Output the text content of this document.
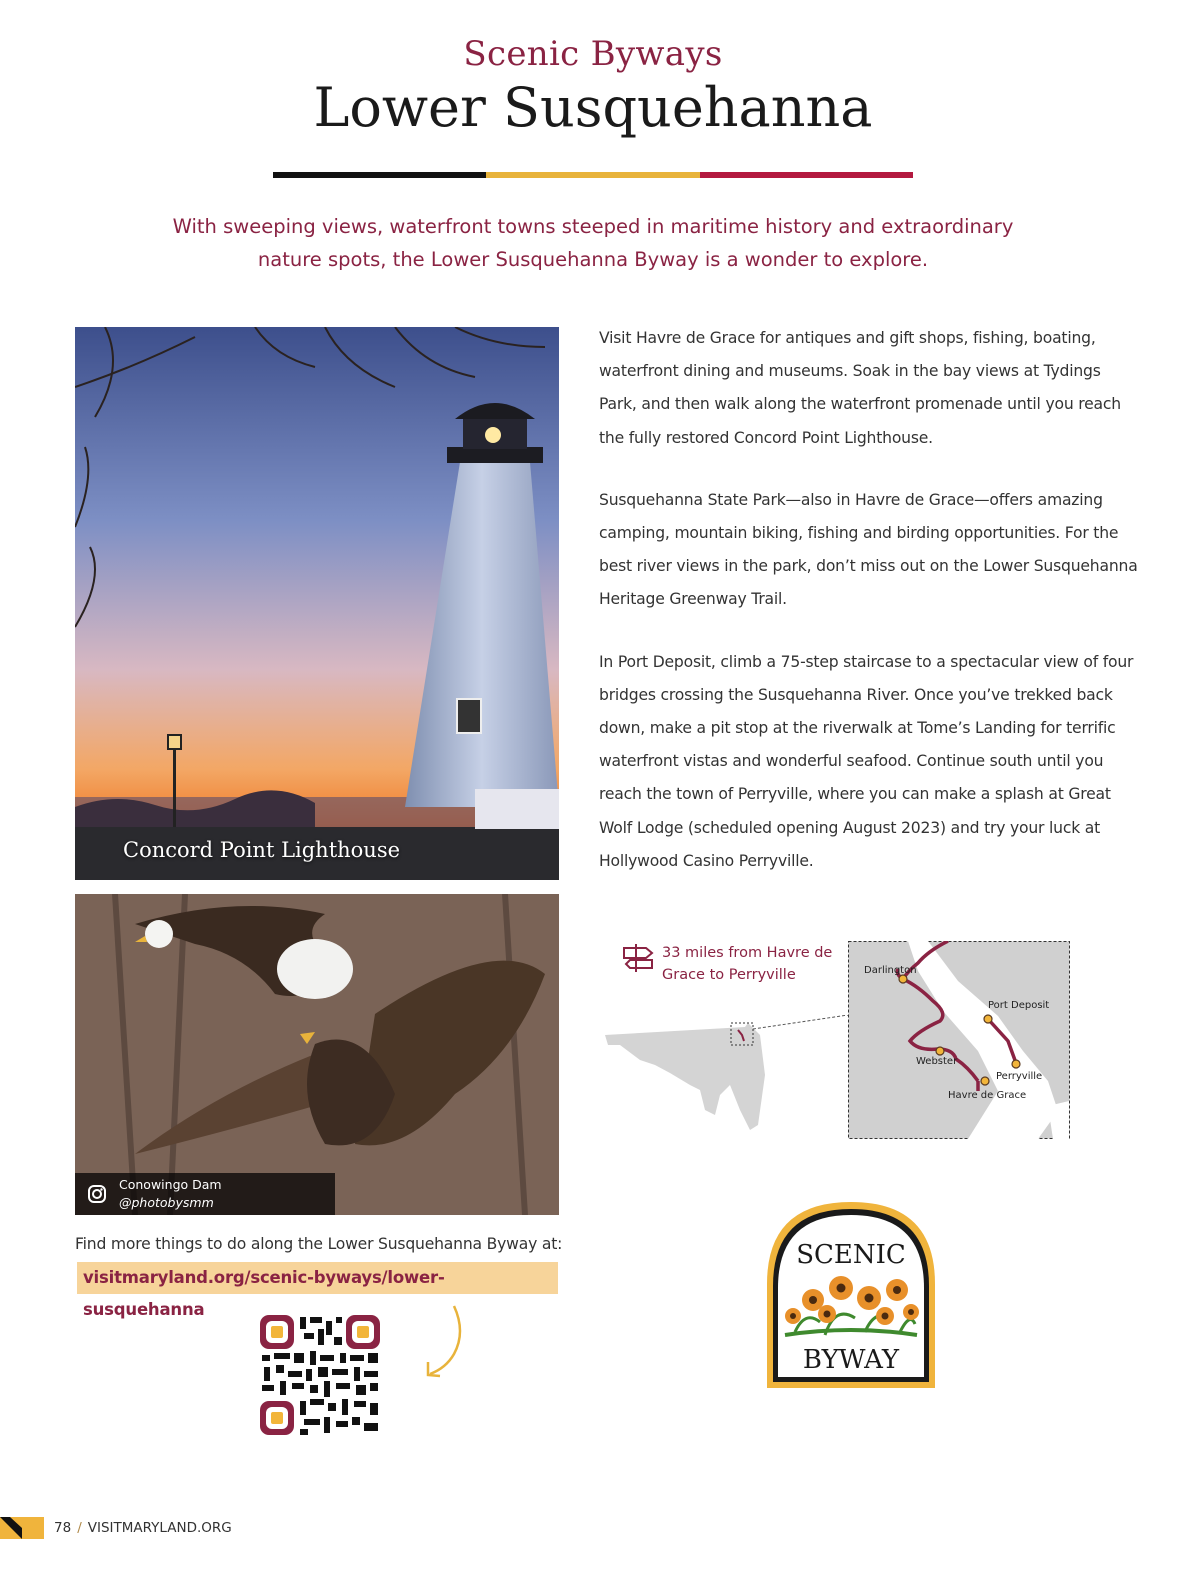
Scenic Byways
Lower Susquehanna
With sweeping views, waterfront towns steeped in maritime history and extraordinary nature spots, the Lower Susquehanna Byway is a wonder to explore.
Concord Point Lighthouse
Conowingo Dam
@photobysmm

Visit Havre de Grace for antiques and gift shops, fishing, boating, waterfront dining and museums. Soak in the bay views at Tydings Park, and then walk along the waterfront promenade until you reach the fully restored Concord Point Lighthouse.

Susquehanna State Park—also in Havre de Grace—offers amazing camping, mountain biking, fishing and birding opportunities. For the best river views in the park, don’t miss out on the Lower Susquehanna Heritage Greenway Trail.

In Port Deposit, climb a 75-step staircase to a spectacular view of four bridges crossing the Susquehanna River. Once you’ve trekked back down, make a pit stop at the riverwalk at Tome’s Landing for terrific waterfront vistas and wonderful seafood. Continue south until you reach the town of Perryville, where you can make a splash at Great Wolf Lodge (scheduled opening August 2023) and try your luck at Hollywood Casino Perryville.

33 miles from Havre de Grace to Perryville	Darlington
Port Deposit
Webster
Perryville
Havre de Grace
Find more things to do along the Lower Susquehanna Byway at:
visitmaryland.org/scenic-byways/lower-susquehanna
SCENIC
BYWAY
78 / VISITMARYLAND.ORG
